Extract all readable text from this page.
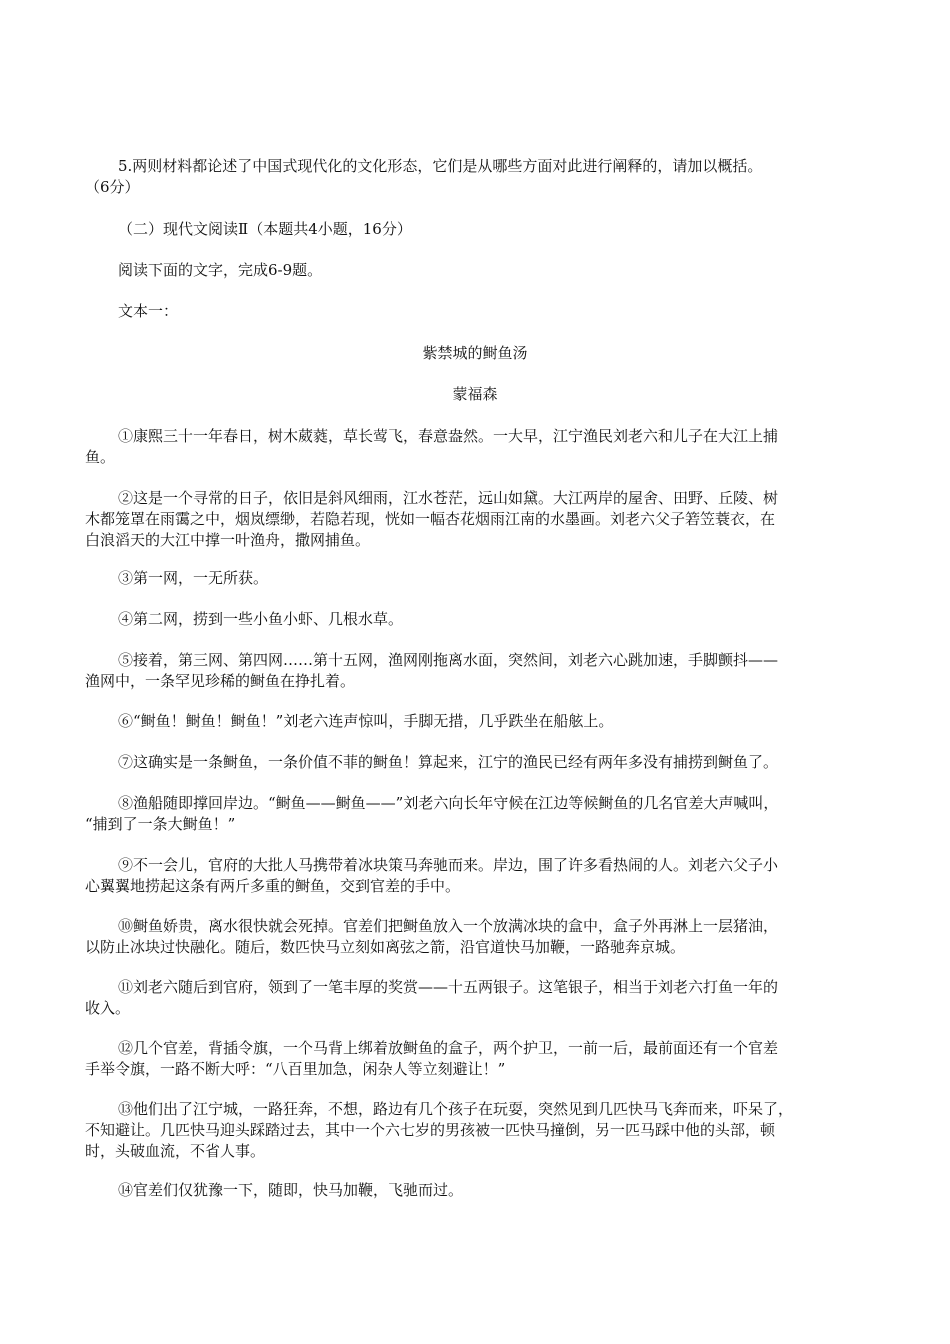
5.两则材料都论述了中国式现代化的文化形态，它们是从哪些方面对此进行阐释的，请加以概括。
（6分）

（二）现代文阅读Ⅱ（本题共4小题，16分）

阅读下面的文字，完成6-9题。

文本一：

紫禁城的鲥鱼汤

蒙福森

①康熙三十一年春日，树木葳蕤，草长莺飞，春意盎然。一大早，江宁渔民刘老六和儿子在大江上捕
鱼。

②这是一个寻常的日子，依旧是斜风细雨，江水苍茫，远山如黛。大江两岸的屋舍、田野、丘陵、树
木都笼罩在雨霭之中，烟岚缥缈，若隐若现，恍如一幅杏花烟雨江南的水墨画。刘老六父子箬笠蓑衣，在
白浪滔天的大江中撑一叶渔舟，撒网捕鱼。

③第一网，一无所获。

④第二网，捞到一些小鱼小虾、几根水草。

⑤接着，第三网、第四网……第十五网，渔网刚拖离水面，突然间，刘老六心跳加速，手脚颤抖——
渔网中，一条罕见珍稀的鲥鱼在挣扎着。

⑥“鲥鱼！鲥鱼！鲥鱼！”刘老六连声惊叫，手脚无措，几乎跌坐在船舷上。

⑦这确实是一条鲥鱼，一条价值不菲的鲥鱼！算起来，江宁的渔民已经有两年多没有捕捞到鲥鱼了。

⑧渔船随即撑回岸边。“鲥鱼——鲥鱼——”刘老六向长年守候在江边等候鲥鱼的几名官差大声喊叫，
“捕到了一条大鲥鱼！”

⑨不一会儿，官府的大批人马携带着冰块策马奔驰而来。岸边，围了许多看热闹的人。刘老六父子小
心翼翼地捞起这条有两斤多重的鲥鱼，交到官差的手中。

⑩鲥鱼娇贵，离水很快就会死掉。官差们把鲥鱼放入一个放满冰块的盒中，盒子外再淋上一层猪油，
以防止冰块过快融化。随后，数匹快马立刻如离弦之箭，沿官道快马加鞭，一路驰奔京城。

⑪刘老六随后到官府，领到了一笔丰厚的奖赏——十五两银子。这笔银子，相当于刘老六打鱼一年的
收入。

⑫几个官差，背插令旗，一个马背上绑着放鲥鱼的盒子，两个护卫，一前一后，最前面还有一个官差
手举令旗，一路不断大呼：“八百里加急，闲杂人等立刻避让！”

⑬他们出了江宁城，一路狂奔，不想，路边有几个孩子在玩耍，突然见到几匹快马飞奔而来，吓呆了，
不知避让。几匹快马迎头踩踏过去，其中一个六七岁的男孩被一匹快马撞倒，另一匹马踩中他的头部，顿
时，头破血流，不省人事。

⑭官差们仅犹豫一下，随即，快马加鞭，飞驰而过。
